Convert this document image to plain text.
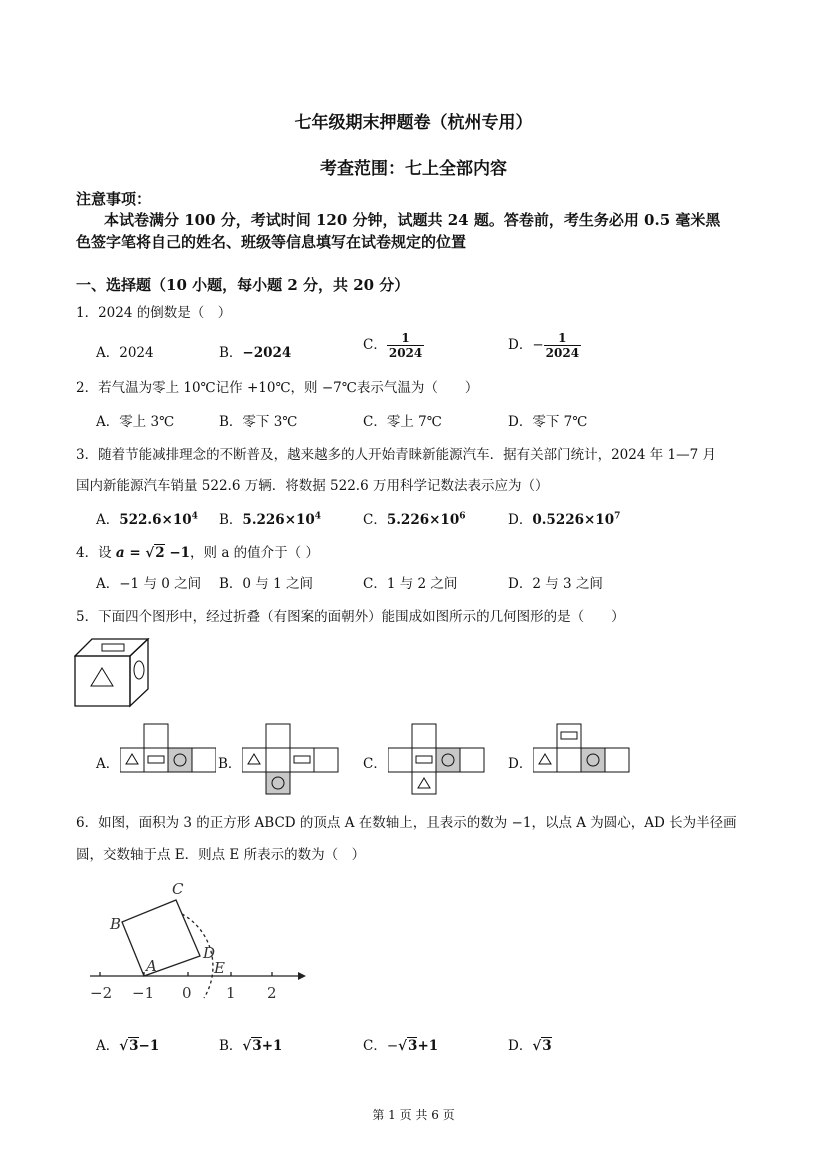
七年级期末押题卷（杭州专用）
考查范围：七上全部内容
注意事项：
本试卷满分 100 分，考试时间 120 分钟，试题共 24 题。答卷前，考生务必用 0.5 毫米黑
色签字笔将自己的姓名、班级等信息填写在试卷规定的位置
一、选择题（10 小题，每小题 2 分，共 20 分）
1．2024 的倒数是（　）
A．2024	B．−2024	C． $\frac{1}{2024}$	D．− $\frac{1}{2024}$
2．若气温为零上 10℃记作 +10℃，则 −7℃表示气温为（　　）
A．零上 3℃	B．零下 3℃	C．零上 7℃	D．零下 7℃
3．随着节能减排理念的不断普及，越来越多的人开始青睐新能源汽车．据有关部门统计，2024 年 1—7 月
国内新能源汽车销量 522.6 万辆．将数据 522.6 万用科学记数法表示应为（）
A．$522.6\times 10^4$ B．$5.226\times 10^4$	C．$5.226\times 10^6$	D．$0.5226\times 10^7$
4．设 a = √2 −1，则 a 的值介于（ ）
A．−1 与 0 之间 B．0 与 1 之间	C．1 与 2 之间	D．2 与 3 之间
5．下面四个图形中，经过折叠（有图案的面朝外）能围成如图所示的几何图形的是（　　）
A．	B．	C．	D．
6．如图，面积为 3 的正方形 ABCD 的顶点 A 在数轴上，且表示的数为 −1，以点 A 为圆心，AD 长为半径画
圆，交数轴于点 E．则点 E 所表示的数为（　）
B
C
D
A	E
−2 −1 0 1 2
A．√3−1	B．√3+1	C．−√3+1	D．√3
第 1 页 共 6 页
